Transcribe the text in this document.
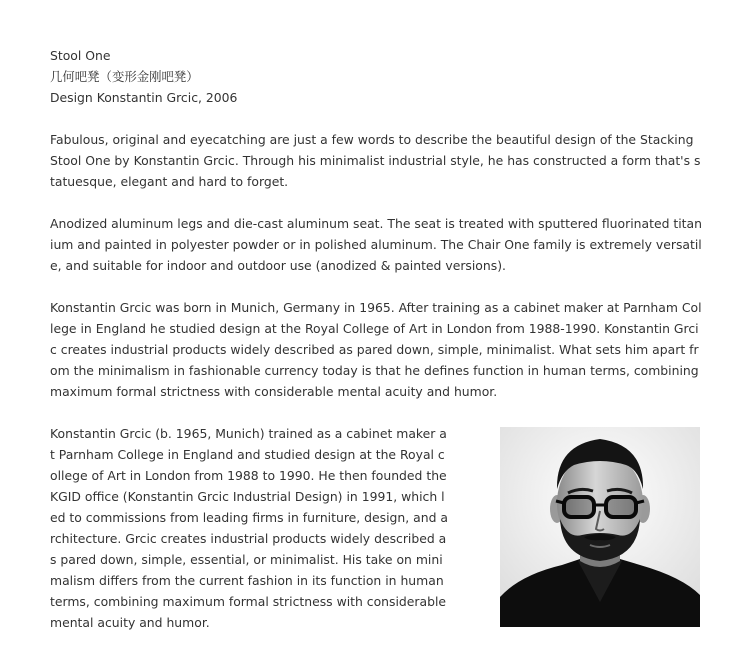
Stool One

几何吧凳（变形金刚吧凳）

Design Konstantin Grcic, 2006

Fabulous, original and eyecatching are just a few words to describe the beautiful design of the Stacking Stool One by Konstantin Grcic. Through his minimalist industrial style, he has constructed a form that's statuesque, elegant and hard to forget.

Anodized aluminum legs and die-cast aluminum seat. The seat is treated with sputtered fluorinated titanium and painted in polyester powder or in polished aluminum. The Chair One family is extremely versatile, and suitable for indoor and outdoor use (anodized & painted versions).

Konstantin Grcic was born in Munich, Germany in 1965. After training as a cabinet maker at Parnham College in England he studied design at the Royal College of Art in London from 1988-1990. Konstantin Grcic creates industrial products widely described as pared down, simple, minimalist. What sets him apart from the minimalism in fashionable currency today is that he defines function in human terms, combining maximum formal strictness with considerable mental acuity and humor.

Konstantin Grcic (b. 1965, Munich) trained as a cabinet maker at Parnham College in England and studied design at the Royal college of Art in London from 1988 to 1990. He then founded the KGID office (Konstantin Grcic Industrial Design) in 1991, which led to commissions from leading firms in furniture, design, and architecture. Grcic creates industrial products widely described as pared down, simple, essential, or minimalist. His take on minimalism differs from the current fashion in its function in human terms, combining maximum formal strictness with considerable mental acuity and humor.
